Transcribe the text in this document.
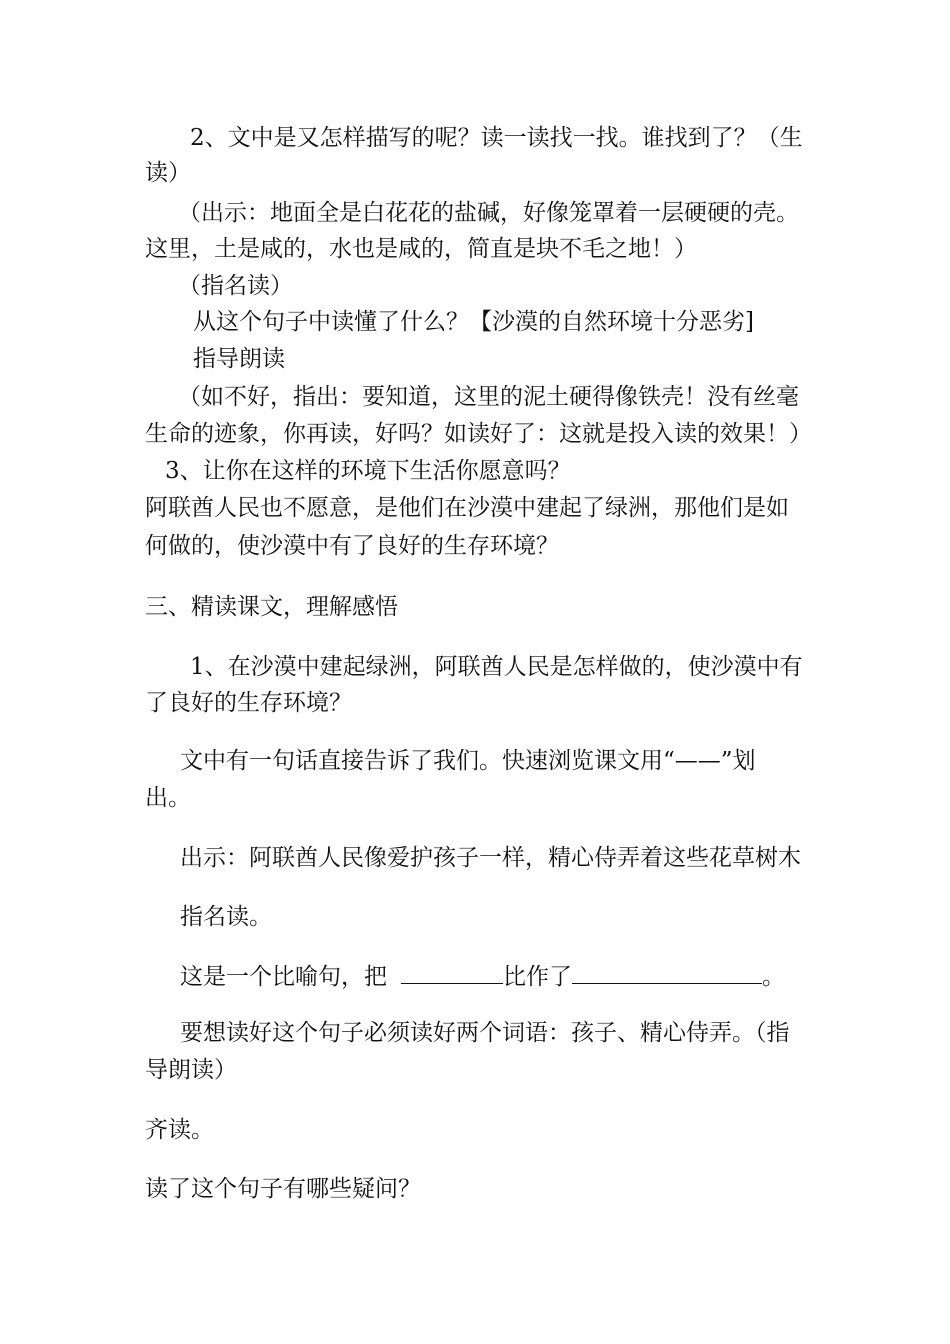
2、文中是又怎样描写的呢？读一读找一找。谁找到了？（生
读）
（出示：地面全是白花花的盐碱，好像笼罩着一层硬硬的壳。
这里，土是咸的，水也是咸的，简直是块不毛之地！）
（指名读）
从这个句子中读懂了什么？【沙漠的自然环境十分恶劣]
指导朗读
（如不好，指出：要知道，这里的泥土硬得像铁壳！没有丝毫
生命的迹象，你再读，好吗？如读好了：这就是投入读的效果！）
3、让你在这样的环境下生活你愿意吗？
阿联酋人民也不愿意，是他们在沙漠中建起了绿洲，那他们是如
何做的，使沙漠中有了良好的生存环境？
三、精读课文，理解感悟
1、在沙漠中建起绿洲，阿联酋人民是怎样做的，使沙漠中有
了良好的生存环境？
文中有一句话直接告诉了我们。快速浏览课文用“——”划
出。
出示：阿联酋人民像爱护孩子一样，精心侍弄着这些花草树木
指名读。
这是一个比喻句，把	比作了	。
要想读好这个句子必须读好两个词语：孩子、精心侍弄。（指
导朗读）
齐读。
读了这个句子有哪些疑问？
